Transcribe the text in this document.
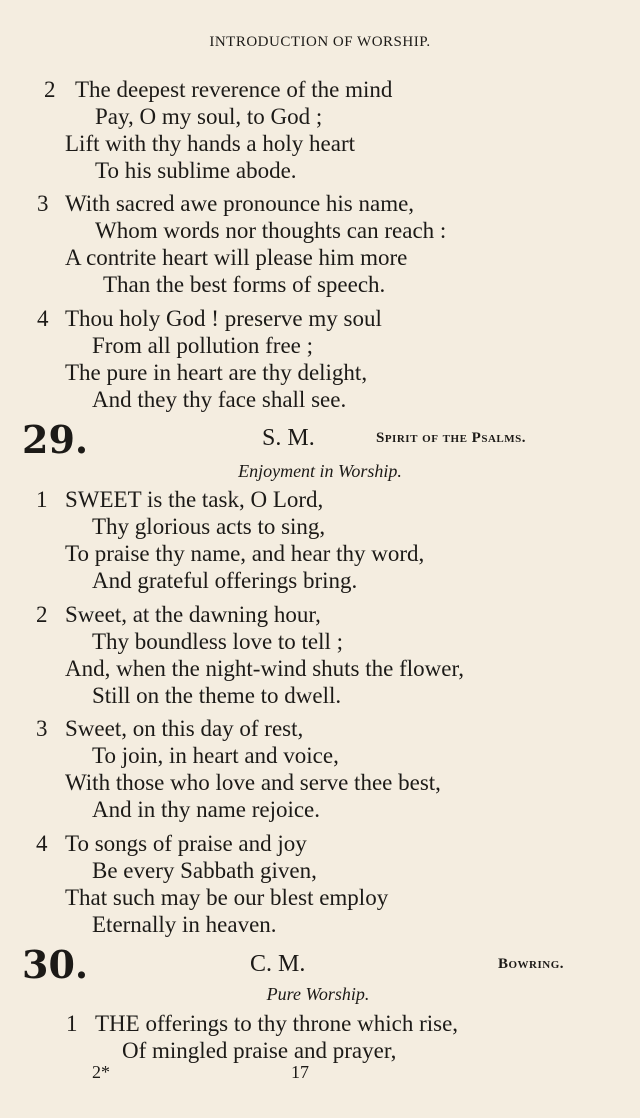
INTRODUCTION OF WORSHIP.
2 The deepest reverence of the mind
Pay, O my soul, to God ;
Lift with thy hands a holy heart
To his sublime abode.
3 With sacred awe pronounce his name,
Whom words nor thoughts can reach :
A contrite heart will please him more
Than the best forms of speech.
4 Thou holy God ! preserve my soul
From all pollution free ;
The pure in heart are thy delight,
And they thy face shall see.
29.	S. M.	Spirit of the Psalms.
Enjoyment in Worship.
1 SWEET is the task, O Lord,
Thy glorious acts to sing,
To praise thy name, and hear thy word,
And grateful offerings bring.
2 Sweet, at the dawning hour,
Thy boundless love to tell ;
And, when the night-wind shuts the flower,
Still on the theme to dwell.
3 Sweet, on this day of rest,
To join, in heart and voice,
With those who love and serve thee best,
And in thy name rejoice.
4 To songs of praise and joy
Be every Sabbath given,
That such may be our blest employ
Eternally in heaven.
30.	C. M.	Bowring.
Pure Worship.
1 THE offerings to thy throne which rise,
Of mingled praise and prayer,
2*	17
